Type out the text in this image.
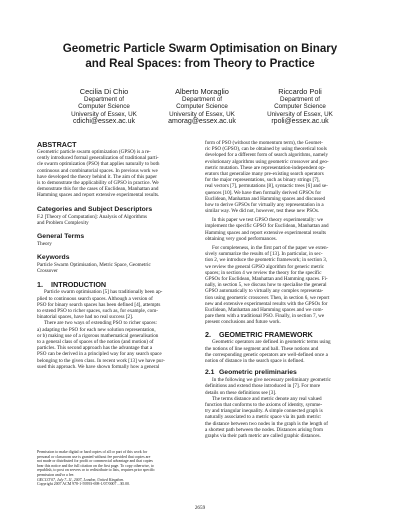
Geometric Particle Swarm Optimisation on Binary
and Real Spaces: from Theory to Practice
Cecilia Di Chio
Department of
Computer Science
University of Essex, UK
cdichi@essex.ac.uk
Alberto Moraglio
Department of
Computer Science
University of Essex, UK
amorag@essex.ac.uk
Riccardo Poli
Department of
Computer Science
University of Essex, UK
rpoli@essex.ac.uk
ABSTRACT
Geometric particle swarm optimization (GPSO) is a re-
cently introduced formal generalization of traditional parti-
cle swarm optimization (PSO) that applies naturally to both
continuous and combinatorial spaces. In previous work we
have developed the theory behind it. The aim of this paper
is to demonstrate the applicability of GPSO in practice. We
demonstrate this for the cases of Euclidean, Manhattan and
Hamming spaces and report extensive experimental results.
Categories and Subject Descriptors
F.2 [Theory of Computation]: Analysis of Algorithms
and Problem Complexity
General Terms
Theory
Keywords
Particle Swarm Optimisation, Metric Space, Geometric
Crossover
1. INTRODUCTION
Particle swarm optimisation [5] has traditionally been ap-
plied to continuous search spaces. Although a version of
PSO for binary search spaces has been defined [4], attempts
to extend PSO to richer spaces, such as, for example, com-
binatorial spaces, have had no real success [2].
There are two ways of extending PSO to richer spaces:
a) adapting the PSO for each new solution representation,
or b) making use of a rigorous mathematical generalisation
to a general class of spaces of the notion (and motion) of
particles. This second approach has the advantage that a
PSO can be derived in a principled way for any search space
belonging to the given class. In recent work [13] we have pur-
sued this approach. We have shown formally how a general
Permission to make digital or hard copies of all or part of this work for
personal or classroom use is granted without fee provided that copies are
not made or distributed for profit or commercial advantage and that copies
bear this notice and the full citation on the first page. To copy otherwise, to
republish, to post on servers or to redistribute to lists, requires prior specific
permission and/or a fee.
GECCO'07, July 7–11, 2007, London, United Kingdom.
Copyright 2007 ACM 978-1-59593-698-1/07/0007 ...$5.00.
form of PSO (without the momentum term), the Geomet-
ric PSO (GPSO), can be obtained by using theoretical tools
developed for a different form of search algorithms, namely
evolutionary algorithms using geometric crossover and geo-
metric mutation. These are representation-independent op-
erators that generalize many pre-existing search operators
for the major representations, such as binary strings [7],
real vectors [7], permutations [8], syntactic trees [6] and se-
quences [10]. We have then formally derived GPSOs for
Euclidean, Manhattan and Hamming spaces and discussed
how to derive GPSOs for virtually any representation in a
similar way. We did not, however, test these new PSOs.
In this paper we test GPSO theory experimentally: we
implement the specific GPSO for Euclidean, Manhattan and
Hamming spaces and report extensive experimental results
obtaining very good performances.
For completeness, in the first part of the paper we exten-
sively summarize the results of [13]. In particular, in sec-
tion 2, we introduce the geometric framework; in section 3,
we review the general GPSO algorithm for generic metric
spaces; in section 4 we review the theory for the specific
GPSOs for Euclidean, Manhattan and Hamming spaces. Fi-
nally, in section 5, we discuss how to specialise the general
GPSO automatically to virtually any complex representa-
tion using geometric crossover. Then, in section 6, we report
new and extensive experimental results with the GPSOs for
Euclidean, Manhattan and Hamming spaces and we com-
pare them with a traditional PSO. Finally, in section 7, we
present conclusions and future work.
2. GEOMETRIC FRAMEWORK
Geometric operators are defined in geometric terms using
the notions of line segment and ball. These notions and
the corresponding genetic operators are well-defined once a
notion of distance in the search space is defined.
2.1 Geometric preliminaries
In the following we give necessary preliminary geometric
definitions and extend those introduced in [7]. For more
details on these definitions see [3].
The terms distance and metric denote any real valued
function that conforms to the axioms of identity, symme-
try and triangular inequality. A simple connected graph is
naturally associated to a metric space via its path metric:
the distance between two nodes in the graph is the length of
a shortest path between the nodes. Distances arising from
graphs via their path metric are called graphic distances.
2659
